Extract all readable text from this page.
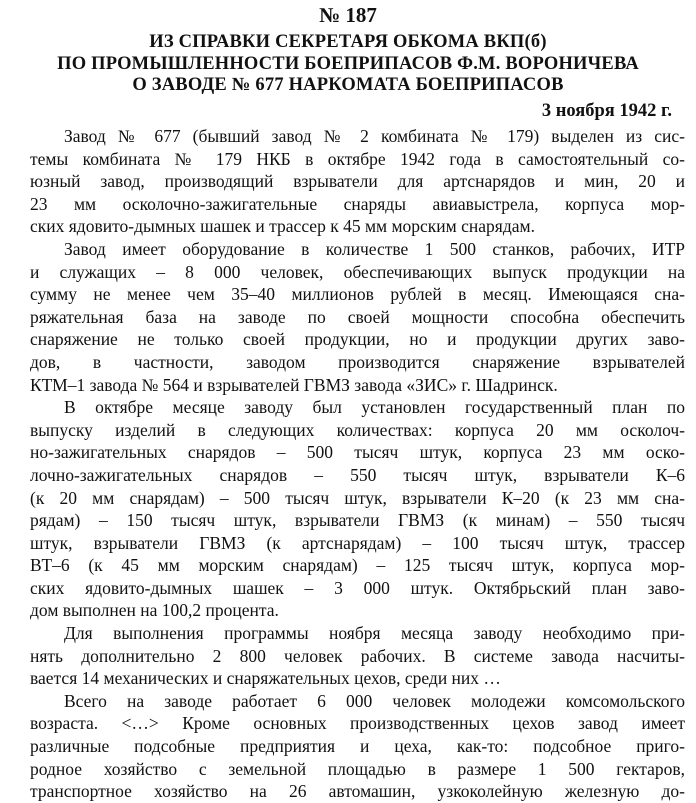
№ 187
ИЗ СПРАВКИ СЕКРЕТАРЯ ОБКОМА ВКП(б)
ПО ПРОМЫШЛЕННОСТИ БОЕПРИПАСОВ Ф.М. ВОРОНИЧЕВА
О ЗАВОДЕ № 677 НАРКОМАТА БОЕПРИПАСОВ
3 ноября 1942 г.
Завод № 677 (бывший завод № 2 комбината № 179) выделен из сис-
темы комбината № 179 НКБ в октябре 1942 года в самостоятельный со-
юзный завод, производящий взрыватели для артснарядов и мин, 20 и
23 мм осколочно-зажигательные снаряды авиавыстрела, корпуса мор-
ских ядовито-дымных шашек и трассер к 45 мм морским снарядам.
Завод имеет оборудование в количестве 1 500 станков, рабочих, ИТР
и служащих – 8 000 человек, обеспечивающих выпуск продукции на
сумму не менее чем 35–40 миллионов рублей в месяц. Имеющаяся сна-
ряжательная база на заводе по своей мощности способна обеспечить
снаряжение не только своей продукции, но и продукции других заво-
дов, в частности, заводом производится снаряжение взрывателей
КТМ–1 завода № 564 и взрывателей ГВМЗ завода «ЗИС» г. Шадринск.
В октябре месяце заводу был установлен государственный план по
выпуску изделий в следующих количествах: корпуса 20 мм осколоч-
но-зажигательных снарядов – 500 тысяч штук, корпуса 23 мм оско-
лочно-зажигательных снарядов – 550 тысяч штук, взрыватели К–6
(к 20 мм снарядам) – 500 тысяч штук, взрыватели К–20 (к 23 мм сна-
рядам) – 150 тысяч штук, взрыватели ГВМЗ (к минам) – 550 тысяч
штук, взрыватели ГВМЗ (к артснарядам) – 100 тысяч штук, трассер
ВТ–6 (к 45 мм морским снарядам) – 125 тысяч штук, корпуса мор-
ских ядовито-дымных шашек – 3 000 штук. Октябрьский план заво-
дом выполнен на 100,2 процента.
Для выполнения программы ноября месяца заводу необходимо при-
нять дополнительно 2 800 человек рабочих. В системе завода насчиты-
вается 14 механических и снаряжательных цехов, среди них …
Всего на заводе работает 6 000 человек молодежи комсомольского
возраста. <…> Кроме основных производственных цехов завод имеет
различные подсобные предприятия и цеха, как-то: подсобное приго-
родное хозяйство с земельной площадью в размере 1 500 гектаров,
транспортное хозяйство на 26 автомашин, узкоколейную железную до-
